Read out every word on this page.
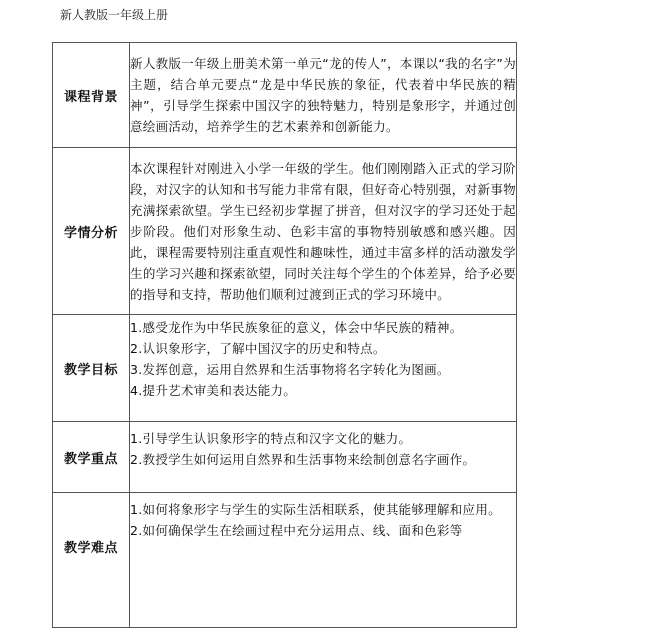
新人教版一年级上册
课程背景	新人教版一年级上册美术第一单元“龙的传人”，本课以“我的名字”为主题，结合单元要点“龙是中华民族的象征，代表着中华民族的精神”，引导学生探索中国汉字的独特魅力，特别是象形字，并通过创意绘画活动，培养学生的艺术素养和创新能力。
学情分析	本次课程针对刚进入小学一年级的学生。他们刚刚踏入正式的学习阶段，对汉字的认知和书写能力非常有限，但好奇心特别强，对新事物充满探索欲望。学生已经初步掌握了拼音，但对汉字的学习还处于起步阶段。他们对形象生动、色彩丰富的事物特别敏感和感兴趣。因此，课程需要特别注重直观性和趣味性，通过丰富多样的活动激发学生的学习兴趣和探索欲望，同时关注每个学生的个体差异，给予必要的指导和支持，帮助他们顺利过渡到正式的学习环境中。
教学目标	1.感受龙作为中华民族象征的意义，体会中华民族的精神。
2.认识象形字，了解中国汉字的历史和特点。
3.发挥创意，运用自然界和生活事物将名字转化为图画。
4.提升艺术审美和表达能力。

教学重点	1.引导学生认识象形字的特点和汉字文化的魅力。
2.教授学生如何运用自然界和生活事物来绘制创意名字画作。

教学难点	1.如何将象形字与学生的实际生活相联系，使其能够理解和应用。
2.如何确保学生在绘画过程中充分运用点、线、面和色彩等
